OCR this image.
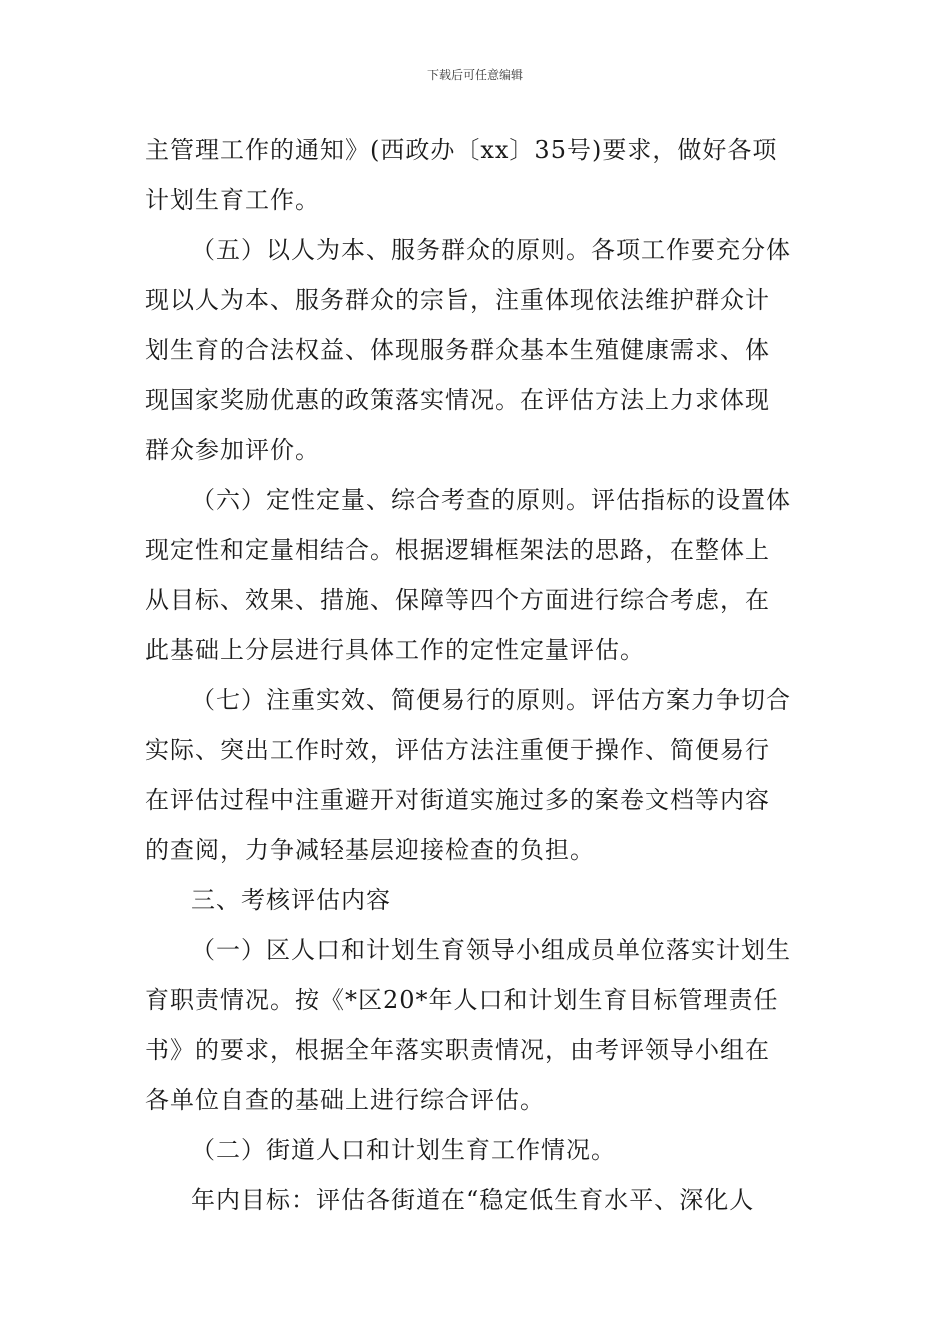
下载后可任意编辑
主管理工作的通知》(西政办〔xx〕35号)要求，做好各项
计划生育工作。
（五）以人为本、服务群众的原则。各项工作要充分体
现以人为本、服务群众的宗旨，注重体现依法维护群众计
划生育的合法权益、体现服务群众基本生殖健康需求、体
现国家奖励优惠的政策落实情况。在评估方法上力求体现
群众参加评价。
（六）定性定量、综合考查的原则。评估指标的设置体
现定性和定量相结合。根据逻辑框架法的思路，在整体上
从目标、效果、措施、保障等四个方面进行综合考虑，在
此基础上分层进行具体工作的定性定量评估。
（七）注重实效、简便易行的原则。评估方案力争切合
实际、突出工作时效，评估方法注重便于操作、简便易行
在评估过程中注重避开对街道实施过多的案卷文档等内容
的查阅，力争减轻基层迎接检查的负担。
三、考核评估内容
（一）区人口和计划生育领导小组成员单位落实计划生
育职责情况。按《*区20*年人口和计划生育目标管理责任
书》的要求，根据全年落实职责情况，由考评领导小组在
各单位自查的基础上进行综合评估。
（二）街道人口和计划生育工作情况。
年内目标：评估各街道在“稳定低生育水平、深化人
